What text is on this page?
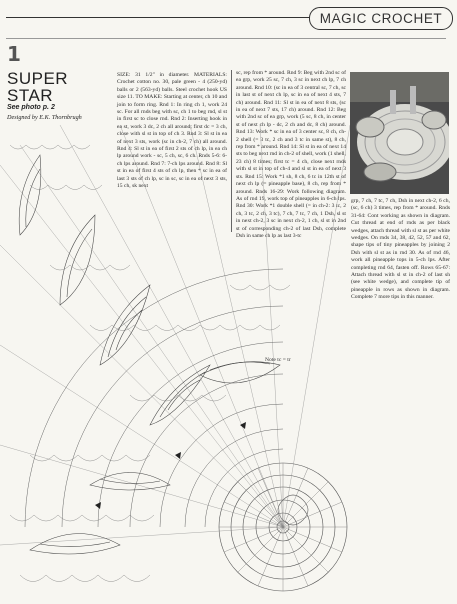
MAGIC CROCHET
1
SUPER
STAR
See photo p. 2
Designed by E.K. Thornbrugh
SIZE: 31 1/2" in diameter. MATERIALS: Crochet cotton no. 30, pale green - 4 (250-yd) balls or 2 (563-yd) balls. Steel crochet hook US size 11. TO MAKE: Starting at center, ch 10 and join to form ring. Rnd 1: In ring ch 1, work 24 sc. For all rnds beg with sc, ch 1 to beg rnd, sl st in first sc to close rnd. Rnd 2: Inserting hook in ea st, work 3 dc, 2 ch all around; first dc = 3 ch, close with sl st in top of ch 3. Rnd 3: Sl st in ea of next 3 sts, work (sc in ch-2, 7 ch) all around. Rnd 4: Sl st in ea of first 2 sts of ch lp, in ea ch lp around work - sc, 5 ch, sc, 6 ch. Rnds 5-6: 6-ch lps around. Rnd 7: 7-ch lps around. Rnd 8: Sl st in ea of first 4 sts of ch lp, then * sc in ea of last 3 sts of ch lp, sc in sc, sc in ea of next 3 sts, 15 ch, sk next
sc, rep from * around. Rnd 9: Beg with 2nd sc of ea grp, work 25 sc, 7 ch, 3 sc in next ch lp, 7 ch around. Rnd 10: (sc in ea of 3 central sc, 7 ch, sc in last st of next ch lp, sc in ea of next 4 sts, 7 ch) around. Rnd 11: Sl st in ea of next 8 sts, (sc in ea of next 7 sts, 17 ch) around. Rnd 12: Beg with 2nd sc of ea grp, work (5 sc, 8 ch, in center st of next ch lp - dc, 2 ch and dc, 8 ch) around. Rnd 13: Work * sc in ea of 3 center sc, 8 ch, ch-2 shell (= 3 tc, 2 ch and 3 tc in same st), 8 ch, rep from * around. Rnd 14: Sl st in ea of next 14 sts to beg next rnd in ch-2 of shell, work (1 shell, 23 ch) 8 times; first tc = 4 ch, close next rnds with sl st in top of ch-4 and sl st in ea of next 3 sts. Rnd 15: Work *1 sh, 8 ch, 6 tc in 12th st of next ch lp (= pineapple base), 8 ch, rep from * around. Rnds 16-29: Work following diagram. As of rnd 19, work top of pineapples in 6-ch lps. Rnd 30: Work *1 double shell (= in ch-2: 3 tc, 2 ch, 3 tc, 2 ch, 3 tc), 7 ch, 7 tc, 7 ch, 1 Dsh, sl st in next ch-2, 3 sc in next ch-2, 1 ch, sl st in 2nd st of corresponding ch-2 of last Dsh, complete Dsh in same ch lp as last 3-tc
grp, 7 ch, 7 tc, 7 ch, Dsh in next ch-2, 6 ch, (sc, 6 ch) 3 times, rep from * around. Rnds 31-64: Cont working as shown in diagram. Cut thread at end of rnds as per black wedges, attach thread with sl st as per white wedges. On rnds 34, 38, 42, 52, 57 and 62, shape tips of tiny pineapples by joining 2 Dsh with sl st as in rnd 30. As of rnd 46, work all pineapple tops in 5-ch lps. After completing rnd 64, fasten off. Rows 65-67: Attach thread with sl st in ch-2 of last sh (see white wedge), and complete tip of pineapple in rows as shown in diagram. Complete 7 more tips in this manner.
Note tc = tr
